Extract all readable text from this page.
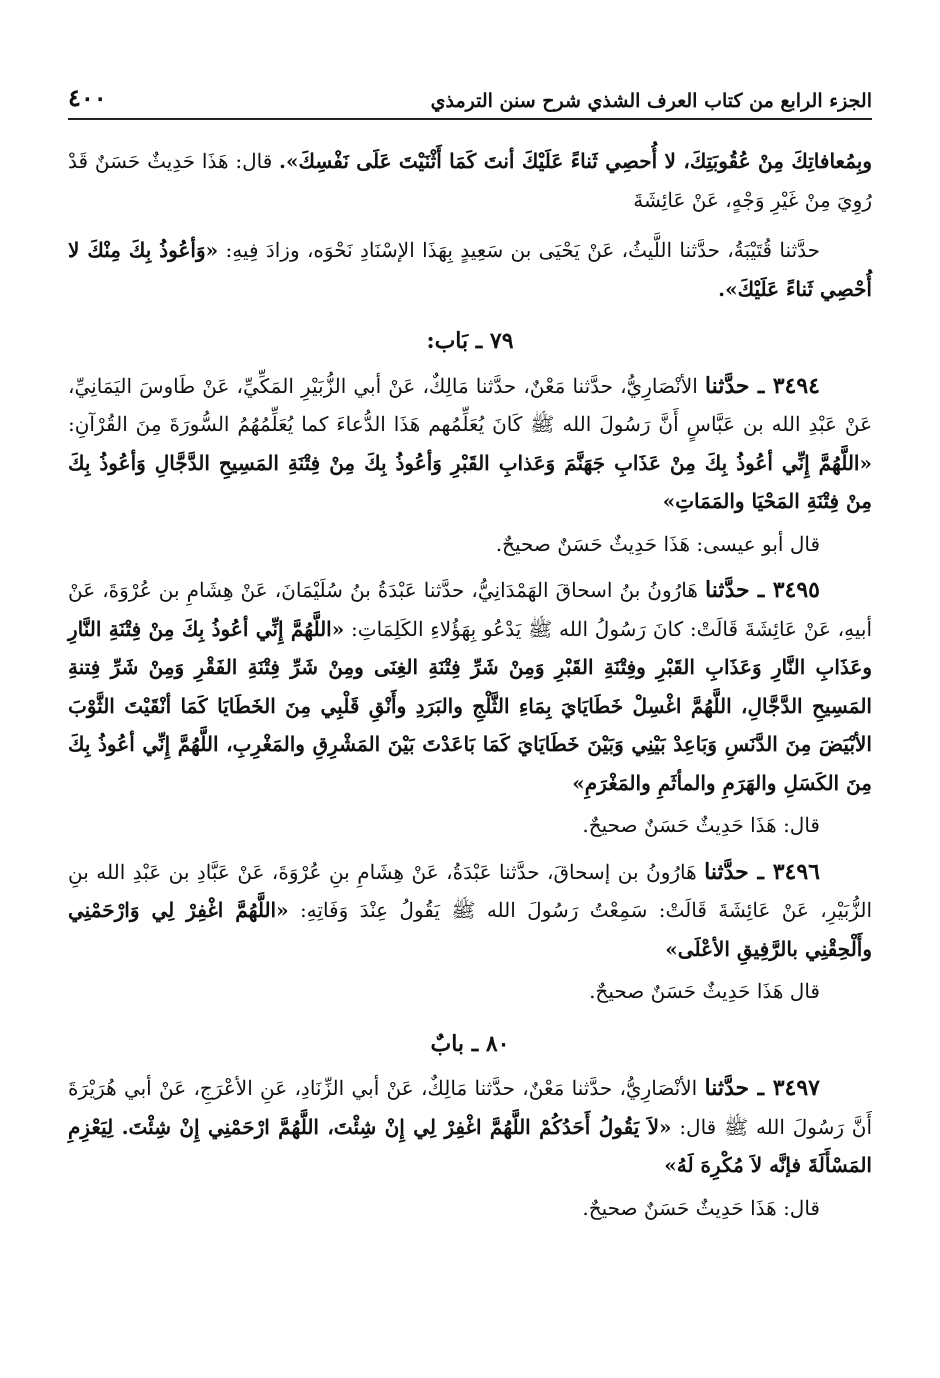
الجزء الرابع من كتاب العرف الشذي شرح سنن الترمذي
٤٠٠

وبِمُعافاتِكَ مِنْ عُقُوبَتِكَ، لا أُحصِي ثَناءً عَلَيْكَ أنتَ كَمَا أَثْنَيْتَ عَلَى نَفْسِكَ». قال: هَذَا حَدِيثٌ حَسَنٌ قَدْ رُوِيَ مِنْ غَيْرِ وَجْهٍ، عَنْ عَائِشَةَ

حدَّثنا قُتَيْبَةُ، حدَّثنا اللَّيثُ، عَنْ يَحْيَى بن سَعِيدٍ بِهَذَا الإسْنَادِ نَحْوَه، وزادَ فِيهِ: «وَأعُوذُ بِكَ مِنْكَ لا أُحْصِي ثَناءً عَلَيْكَ».

٧٩ ـ بَاب:

٣٤٩٤ ـ حدَّثنا الأنْصَارِيُّ، حدَّثنا مَعْنٌ، حدَّثنا مَالِكٌ، عَنْ أبي الزُّبَيْرِ المَكِّيِّ، عَنْ طَاوسَ اليَمَانِيِّ، عَنْ عَبْدِ الله بن عَبَّاسٍ أَنَّ رَسُولَ الله ﷺ كَانَ يُعَلِّمُهم هَذَا الدُّعاءَ كما يُعَلِّمُهُمُ السُّورَةَ مِنَ القُرْآنِ: «اللَّهُمَّ إِنِّي أعُوذُ بِكَ مِنْ عَذَابِ جَهَنَّمَ وَعَذابِ القَبْرِ وَأعُوذُ بِكَ مِنْ فِتْنَةِ المَسِيحِ الدَّجَّالِ وَأعُوذُ بِكَ مِنْ فِتْنَةِ المَحْيَا والمَمَاتِ»

قال أبو عيسى: هَذَا حَدِيثٌ حَسَنٌ صحيحٌ.

٣٤٩٥ ـ حدَّثنا هَارُونُ بنُ اسحاقَ الهَمْدَانِيُّ، حدَّثنا عَبْدَةُ بنُ سُلَيْمَانَ، عَنْ هِشَامِ بن عُرْوَةَ، عَنْ أبيهِ، عَنْ عَائِشَةَ قَالَتْ: كانَ رَسُولُ الله ﷺ يَدْعُو بِهَؤُلاءِ الكَلِمَاتِ: «اللَّهُمَّ إِنِّي أعُوذُ بِكَ مِنْ فِتْنَةِ النَّارِ وعَذَابِ النَّارِ وَعَذَابِ القَبْرِ وفِتْنَةِ القَبْرِ وَمِنْ شَرِّ فِتْنَةِ الغِنَى ومِنْ شَرِّ فِتْنَةِ الفَقْرِ وَمِنْ شَرِّ فِتنةِ المَسِيحِ الدَّجَّالِ، اللَّهُمَّ اغْسِلْ خَطَايَايَ بِمَاءِ الثَّلْجِ والبَرَدِ وأَنْقِ قَلْبِي مِنَ الخَطَايَا كَمَا أنْقَيْتَ الثَّوْبَ الأبْيَضَ مِنَ الدَّنَسِ وَبَاعِدْ بَيْنِي وَبَيْنَ خَطَايَايَ كَمَا بَاعَدْتَ بَيْنَ المَشْرِقِ والمَغْرِبِ، اللَّهُمَّ إِنِّي أعُوذُ بِكَ مِنَ الكَسَلِ والهَرَمِ والمأثَمِ والمَغْرَمِ»

قال: هَذَا حَدِيثٌ حَسَنٌ صحيحٌ.

٣٤٩٦ ـ حدَّثنا هَارُونُ بن إسحاقَ، حدَّثنا عَبْدَةُ، عَنْ هِشَامِ بنِ عُرْوَةَ، عَنْ عَبَّادِ بن عَبْدِ الله بنِ الزُّبَيْرِ، عَنْ عَائِشَةَ قَالَتْ: سَمِعْتُ رَسُولَ الله ﷺ يَقُولُ عِنْدَ وَفَاتِهِ: «اللَّهُمَّ اغْفِرْ لِي وَارْحَمْنِي وأَلْحِقْنِي بالرَّفِيقِ الأعْلَى»

قال هَذَا حَدِيثٌ حَسَنٌ صحيحٌ.

٨٠ ـ بابٌ

٣٤٩٧ ـ حدَّثنا الأنْصَارِيُّ، حدَّثنا مَعْنٌ، حدَّثنا مَالِكٌ، عَنْ أبي الزِّنَادِ، عَنِ الأعْرَجِ، عَنْ أبي هُرَيْرَةَ أَنَّ رَسُولَ الله ﷺ قال: «لاَ يَقُولُ أَحَدُكُمْ اللَّهُمَّ اغْفِرْ لِي إِنْ شِئْتَ، اللَّهُمَّ ارْحَمْنِي إِنْ شِئْتَ. لِيَعْزِمِ المَسْأَلَةَ فإنَّه لاَ مُكْرِهَ لَهُ»

قال: هَذَا حَدِيثٌ حَسَنٌ صحيحٌ.
